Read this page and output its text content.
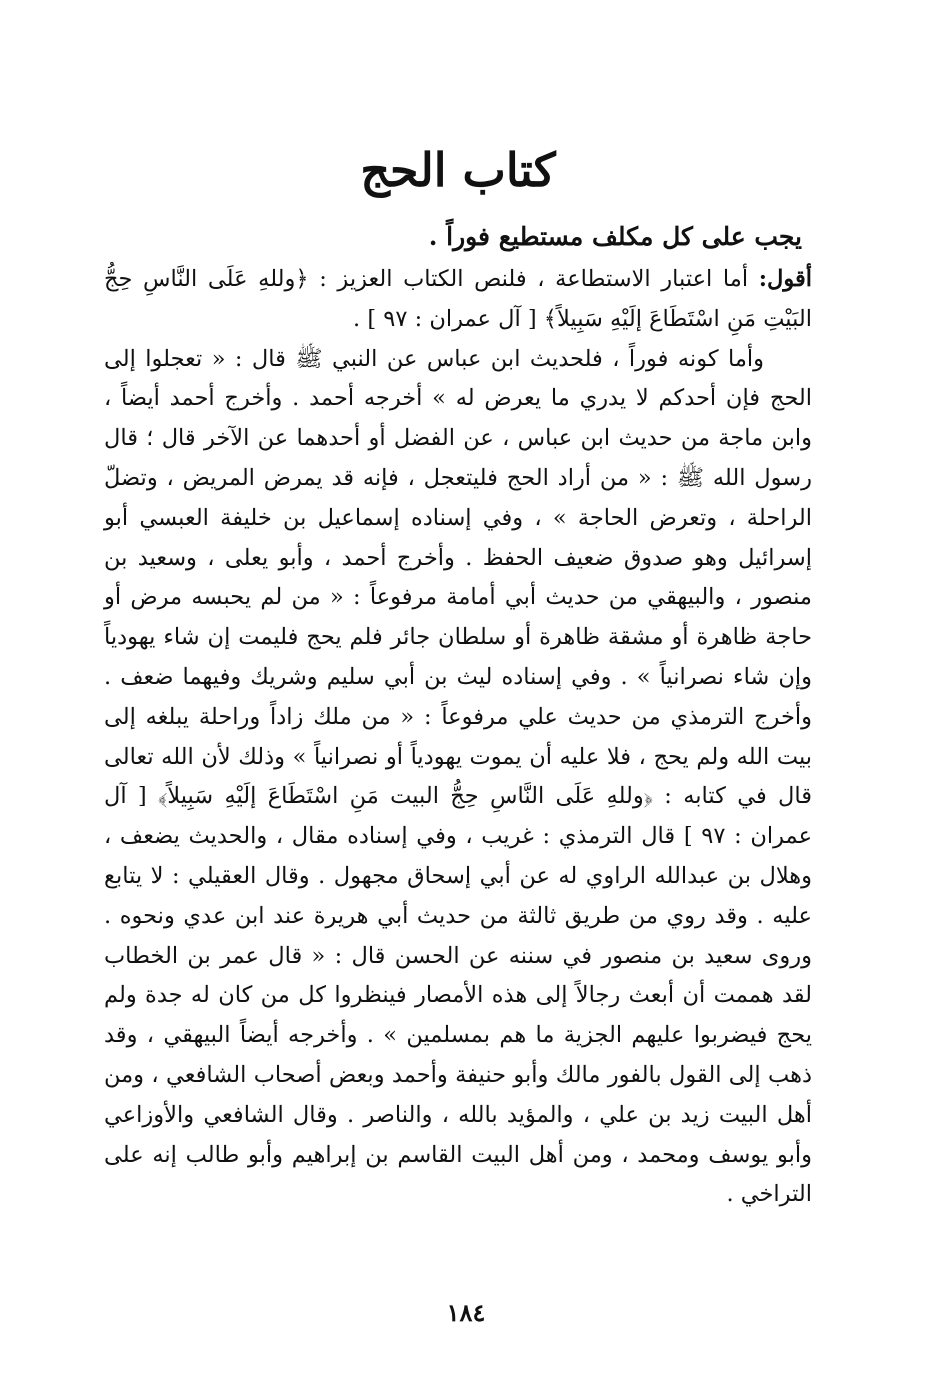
كتاب الحج

يجب على كل مكلف مستطيع فوراً .

أقول: أما اعتبار الاستطاعة ، فلنص الكتاب العزيز : ﴿وللهِ عَلَى النَّاسِ حِجُّ البَيْتِ مَنِ اسْتَطَاعَ إلَيْهِ سَبِيلاً﴾ [ آل عمران : ٩٧ ] .

وأما كونه فوراً ، فلحديث ابن عباس عن النبي ﷺ قال : « تعجلوا إلى الحج فإن أحدكم لا يدري ما يعرض له » أخرجه أحمد . وأخرج أحمد أيضاً ، وابن ماجة من حديث ابن عباس ، عن الفضل أو أحدهما عن الآخر قال ؛ قال رسول الله ﷺ : « من أراد الحج فليتعجل ، فإنه قد يمرض المريض ، وتضلّ الراحلة ، وتعرض الحاجة » ، وفي إسناده إسماعيل بن خليفة العبسي أبو إسرائيل وهو صدوق ضعيف الحفظ . وأخرج أحمد ، وأبو يعلى ، وسعيد بن منصور ، والبيهقي من حديث أبي أمامة مرفوعاً : « من لم يحبسه مرض أو حاجة ظاهرة أو مشقة ظاهرة أو سلطان جائر فلم يحج فليمت إن شاء يهودياً وإن شاء نصرانياً » . وفي إسناده ليث بن أبي سليم وشريك وفيهما ضعف . وأخرج الترمذي من حديث علي مرفوعاً : « من ملك زاداً وراحلة يبلغه إلى بيت الله ولم يحج ، فلا عليه أن يموت يهودياً أو نصرانياً » وذلك لأن الله تعالى قال في كتابه : ﴿وللهِ عَلَى النَّاسِ حِجُّ البيت مَنِ اسْتَطَاعَ إلَيْهِ سَبِيلاً﴾ [ آل عمران : ٩٧ ] قال الترمذي : غريب ، وفي إسناده مقال ، والحديث يضعف ، وهلال بن عبدالله الراوي له عن أبي إسحاق مجهول . وقال العقيلي : لا يتابع عليه . وقد روي من طريق ثالثة من حديث أبي هريرة عند ابن عدي ونحوه . وروى سعيد بن منصور في سننه عن الحسن قال : « قال عمر بن الخطاب لقد هممت أن أبعث رجالاً إلى هذه الأمصار فينظروا كل من كان له جدة ولم يحج فيضربوا عليهم الجزية ما هم بمسلمين » . وأخرجه أيضاً البيهقي ، وقد ذهب إلى القول بالفور مالك وأبو حنيفة وأحمد وبعض أصحاب الشافعي ، ومن أهل البيت زيد بن علي ، والمؤيد بالله ، والناصر . وقال الشافعي والأوزاعي وأبو يوسف ومحمد ، ومن أهل البيت القاسم بن إبراهيم وأبو طالب إنه على التراخي .

١٨٤
